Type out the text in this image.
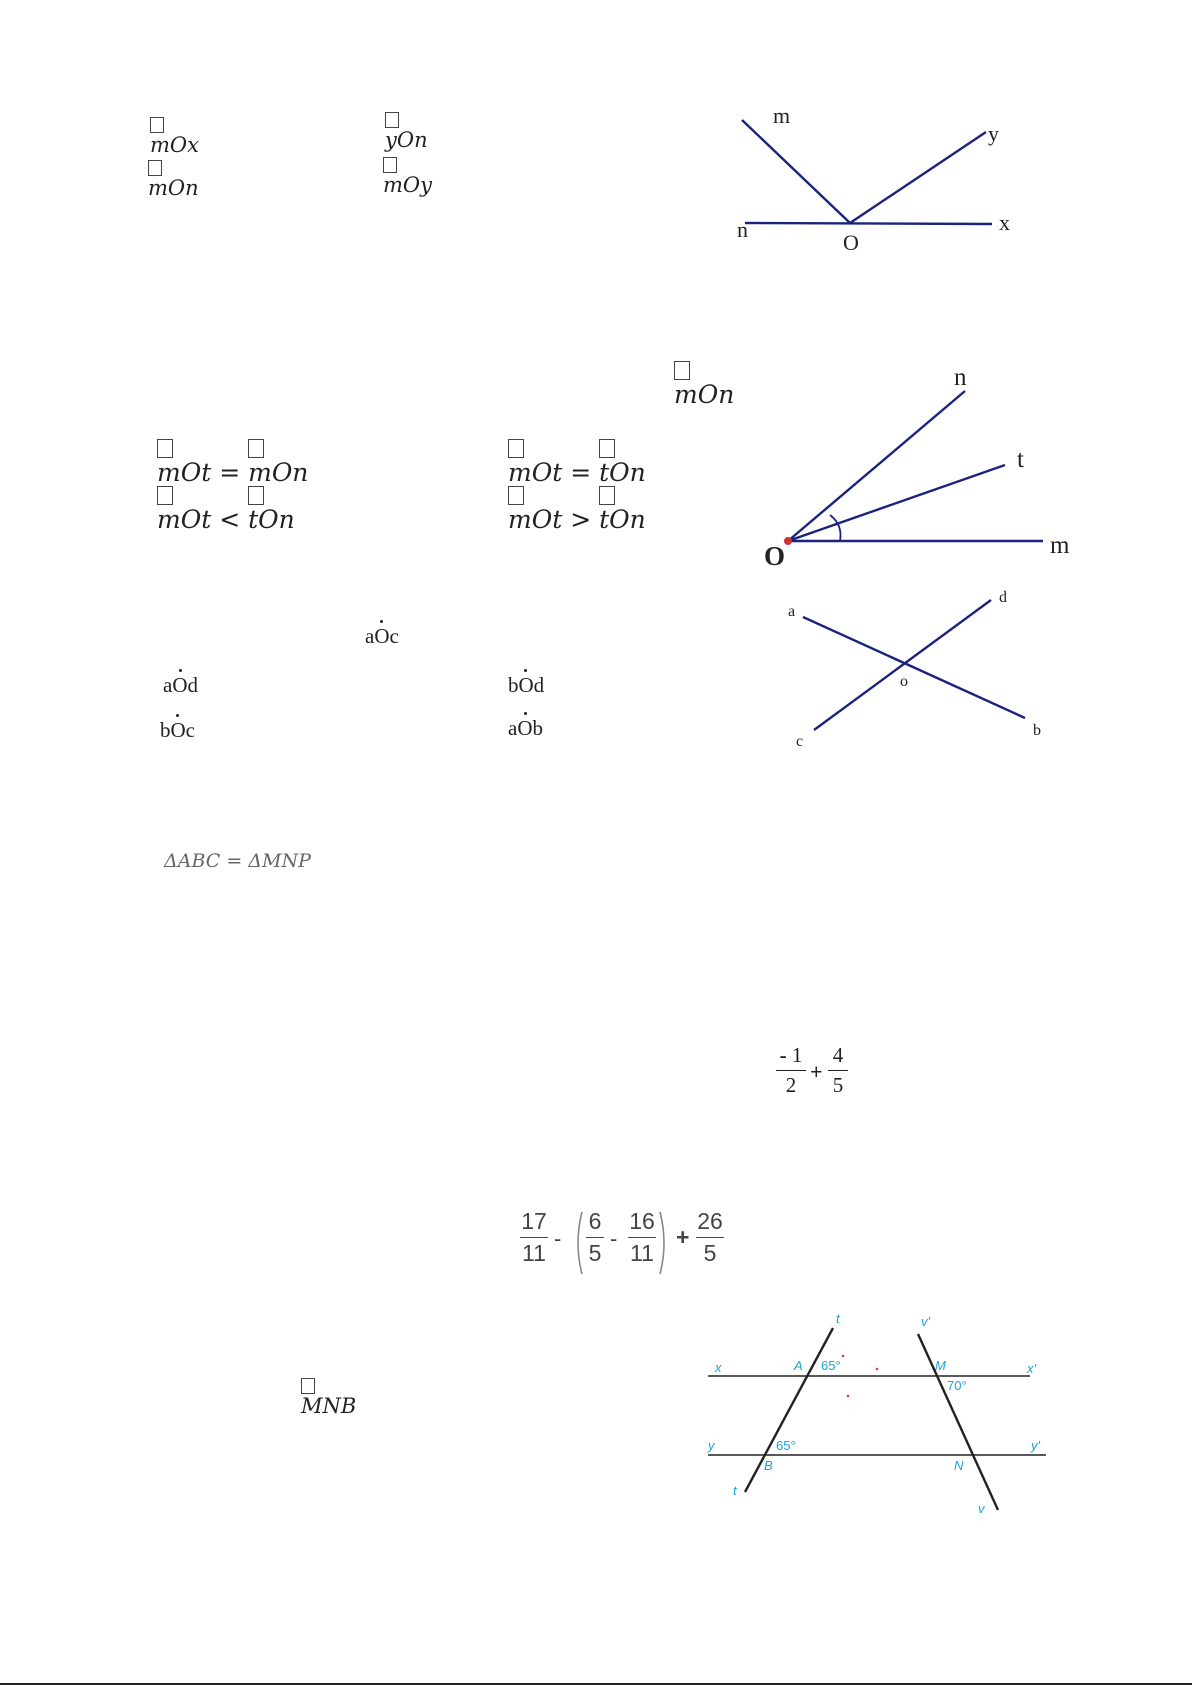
mOx	yOn
mOn	mOy
m
y
n
O
x
mOn
mOt = mOn	mOt = tOn
mOt < tOn	mOt > tOn
n
t
O	m
aOc
aOd	bOd
bOc	aOb
a
d
o
c
b
ΔABC = ΔMNP
- 1
2
+
4
5
17
11
-
6
5
-
16
11
+
26
5
MNB
t	v'
x	A	M	x'
y	y'
B	N
t
v
65°
70°
65°
